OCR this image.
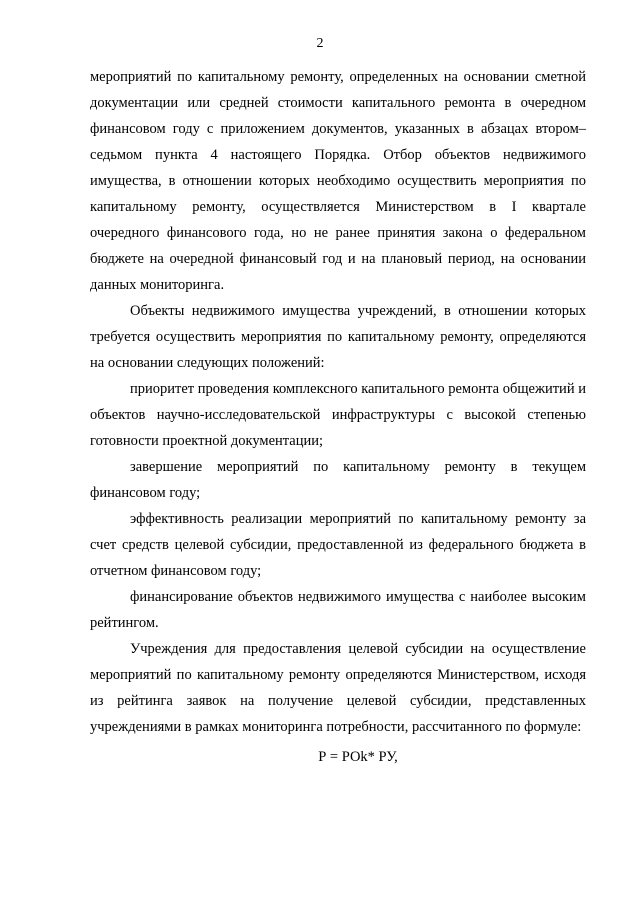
2

мероприятий по капитальному ремонту, определенных на основании сметной документации или средней стоимости капитального ремонта в очередном финансовом году с приложением документов, указанных в абзацах втором–седьмом пункта 4 настоящего Порядка. Отбор объектов недвижимого имущества, в отношении которых необходимо осуществить мероприятия по капитальному ремонту, осуществляется Министерством в I квартале очередного финансового года, но не ранее принятия закона о федеральном бюджете на очередной финансовый год и на плановый период, на основании данных мониторинга.

Объекты недвижимого имущества учреждений, в отношении которых требуется осуществить мероприятия по капитальному ремонту, определяются на основании следующих положений:

приоритет проведения комплексного капитального ремонта общежитий и объектов научно-исследовательской инфраструктуры с высокой степенью готовности проектной документации;

завершение мероприятий по капитальному ремонту в текущем финансовом году;

эффективность реализации мероприятий по капитальному ремонту за счет средств целевой субсидии, предоставленной из федерального бюджета в отчетном финансовом году;

финансирование объектов недвижимого имущества с наиболее высоким рейтингом.

Учреждения для предоставления целевой субсидии на осуществление мероприятий по капитальному ремонту определяются Министерством, исходя из рейтинга заявок на получение целевой субсидии, представленных учреждениями в рамках мониторинга потребности, рассчитанного по формуле:

Р = РОk* РУ,
